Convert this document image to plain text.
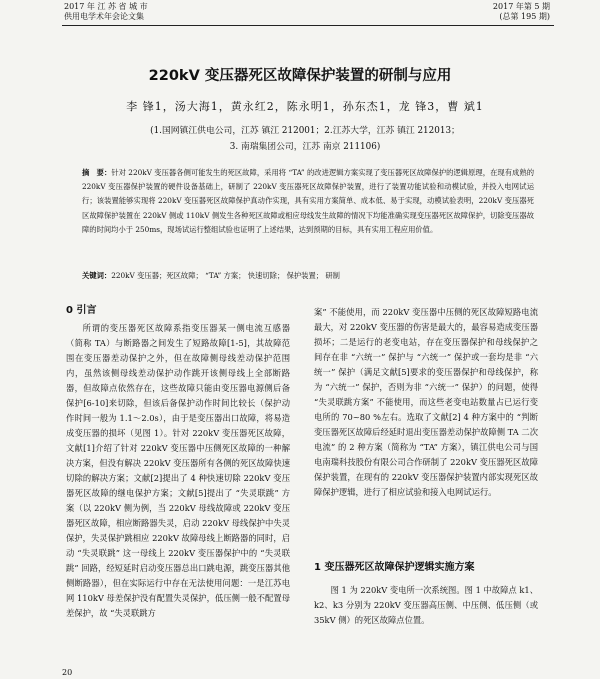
2017 年 江 苏 省 城 市
供用电学术年会论文集
2017 年第 5 期
(总第 195 期)
220kV 变压器死区故障保护装置的研制与应用
李 锋1，汤大海1，黄永红2，陈永明1，孙东杰1，龙 锋3，曹 斌1
(1.国网镇江供电公司，江苏 镇江 212001；2.江苏大学，江苏 镇江 212013；
3. 南瑞集团公司，江苏 南京 211106)
摘　要：针对 220kV 变压器各侧可能发生的死区故障，采用将 “TA” 的改进逻辑方案实现了变压器死区故障保护的逻辑原理，在现有成熟的 220kV 变压器保护装置的硬件设备基础上，研制了 220kV 变压器死区故障保护装置，进行了装置功能试验和动模试验，并投入电网试运行；该装置能够实现将 220kV 变压器死区故障保护真动作实现，具有实用方案简单、成本低、易于实现，动模试验表明，220kV 变压器死区故障保护装置在 220kV 侧或 110kV 侧发生各种死区故障或相应母线发生故障的情况下均能准确实现变压器死区故障保护，切除变压器故障的时间均小于 250ms，现场试运行整组试验也证明了上述结果，达到预期的目标，具有实用工程应用价值。
关键词：220kV 变压器；死区故障； “TA” 方案； 快速切除； 保护装置； 研制
0 引言

所谓的变压器死区故障系指变压器某一侧电流互感器（简称 TA）与断路器之间发生了短路故障[1-5]，其故障范围在变压器差动保护之外，但在故障侧母线差动保护范围内，虽然该侧母线差动保护动作跳开该侧母线上全部断路器，但故障点依然存在，这些故障只能由变压器电源侧后备保护[6-10]来切除，但该后备保护动作时间比较长（保护动作时间一般为 1.1～2.0s），由于是变压器出口故障，将易造成变压器的损坏（见图 1）。针对 220kV 变压器死区故障，文献[1]介绍了针对 220kV 变压器中压侧死区故障的一种解决方案，但没有解决 220kV 变压器所有各侧的死区故障快速切除的解决方案；文献[2]提出了 4 种快速切除 220kV 变压器死区故障的继电保护方案；文献[5]提出了 “失灵联跳” 方案（以 220kV 侧为例，当 220kV 母线故障或 220kV 变压器死区故障，相应断路器失灵，启动 220kV 母线保护中失灵保护，失灵保护跳相应 220kV 故障母线上断路器的同时，启动 “失灵联跳” 这一母线上 220kV 变压器保护中的 “失灵联跳” 回路，经短延时启动变压器总出口跳电源，跳变压器其他侧断路器），但在实际运行中存在无法使用问题：一是江苏电网 110kV 母差保护没有配置失灵保护，低压侧一般不配置母差保护，故 “失灵联跳方

案” 不能使用，而 220kV 变压器中压侧的死区故障短路电流最大，对 220kV 变压器的伤害是最大的，最容易造成变压器损坏；二是运行的老变电站，存在变压器保护和母线保护之间存在非 “六统一” 保护与 “六统一” 保护或一套均是非 “六统一” 保护（满足文献[5]要求的变压器保护和母线保护，称为 “六统一” 保护，否则为非 “六统一” 保护）的问题，使得 “失灵联跳方案” 不能使用，而这些老变电站数量占已运行变电所的 70~80 %左右。选取了文献[2] 4 种方案中的 “判断变压器死区故障后经延时退出变压器差动保护故障侧 TA 二次电流” 的 2 种方案（简称为 “TA” 方案），镇江供电公司与国电南瑞科技股份有限公司合作研制了 220kV 变压器死区故障保护装置，在现有的 220kV 变压器保护装置内部实现死区故障保护逻辑，进行了相应试验和接入电网试运行。

1 变压器死区故障保护逻辑实施方案

图 1 为 220kV 变电所一次系统图。图 1 中故障点 k1、k2、k3 分别为 220kV 变压器高压侧、中压侧、低压侧（或 35kV 侧）的死区故障点位置。

20
